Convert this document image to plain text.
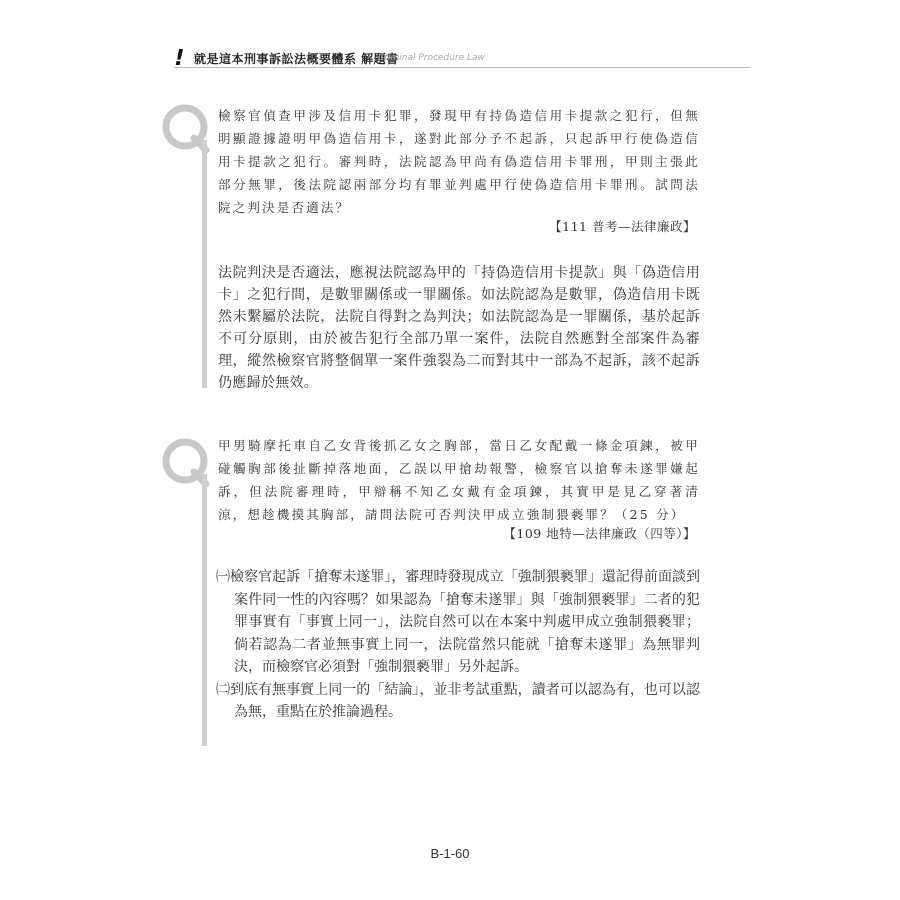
! 就是這本刑事訴訟法概要體系 解題書
Criminal Procedure Law
檢察官偵查甲涉及信用卡犯罪，發現甲有持偽造信用卡提款之犯行，但無明顯證據證明甲偽造信用卡，遂對此部分予不起訴，只起訴甲行使偽造信用卡提款之犯行。審判時，法院認為甲尚有偽造信用卡罪刑，甲則主張此部分無罪，後法院認兩部分均有罪並判處甲行使偽造信用卡罪刑。試問法院之判決是否適法？
【111 普考—法律廉政】
法院判決是否適法，應視法院認為甲的「持偽造信用卡提款」與「偽造信用卡」之犯行間，是數罪關係或一罪關係。如法院認為是數罪，偽造信用卡既然未繫屬於法院，法院自得對之為判決；如法院認為是一罪關係，基於起訴不可分原則，由於被告犯行全部乃單一案件，法院自然應對全部案件為審理，縱然檢察官將整個單一案件強裂為二而對其中一部為不起訴，該不起訴仍應歸於無效。
甲男騎摩托車自乙女背後抓乙女之胸部，當日乙女配戴一條金項鍊，被甲碰觸胸部後扯斷掉落地面，乙誤以甲搶劫報警，檢察官以搶奪未遂罪嫌起訴，但法院審理時，甲辯稱不知乙女戴有金項鍊，其實甲是見乙穿著清涼，想趁機摸其胸部，請問法院可否判決甲成立強制猥褻罪？（25 分）
【109 地特—法律廉政（四等）】
㈠檢察官起訴「搶奪未遂罪」，審理時發現成立「強制猥褻罪」還記得前面談到案件同一性的內容嗎？如果認為「搶奪未遂罪」與「強制猥褻罪」二者的犯罪事實有「事實上同一」，法院自然可以在本案中判處甲成立強制猥褻罪；倘若認為二者並無事實上同一，法院當然只能就「搶奪未遂罪」為無罪判決，而檢察官必須對「強制猥褻罪」另外起訴。
㈡到底有無事實上同一的「結論」，並非考試重點，讀者可以認為有，也可以認為無，重點在於推論過程。
B-1-60
